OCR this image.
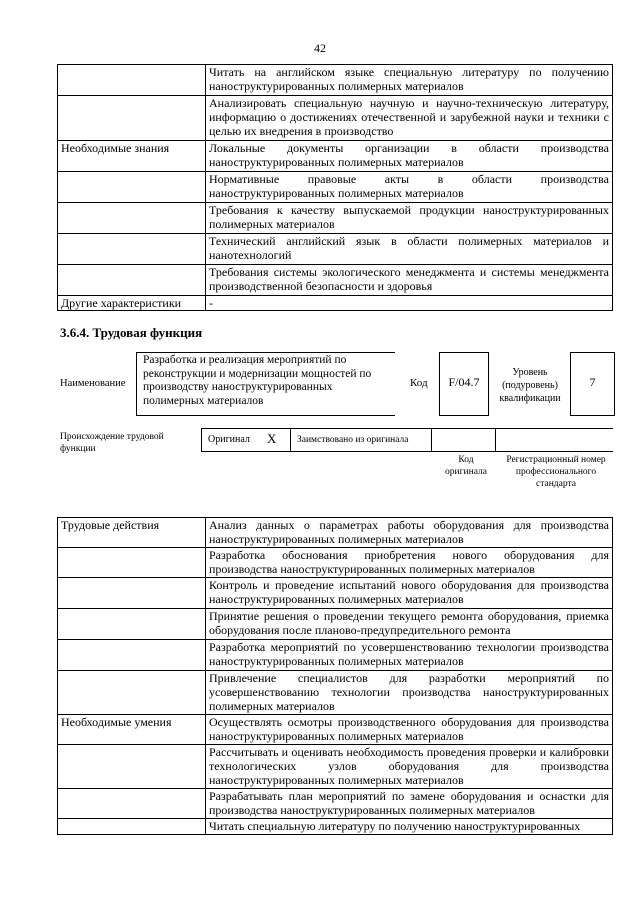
42
	Читать на английском языке специальную литературу по получению наноструктурированных полимерных материалов
	Анализировать специальную научную и научно-техническую литературу, информацию о достижениях отечественной и зарубежной науки и техники с целью их внедрения в производство
Необходимые знания	Локальные документы организации в области производства наноструктурированных полимерных материалов
	Нормативные правовые акты в области производства наноструктурированных полимерных материалов
	Требования к качеству выпускаемой продукции наноструктурированных полимерных материалов
	Технический английский язык в области полимерных материалов и нанотехнологий
	Требования системы экологического менеджмента и системы менеджмента производственной безопасности и здоровья
Другие характеристики	-
3.6.4. Трудовая функция
Наименование
Разработка и реализация мероприятий по реконструкции и модернизации мощностей по производству наноструктурированных полимерных материалов
Код	F/04.7
Уровень (подуровень) квалификации
7
Происхождение трудовой функции
Оригинал X Заимствовано из оригинала
Код оригинала
Регистрационный номер профессионального стандарта
Трудовые действия	Анализ данных о параметрах работы оборудования для производства наноструктурированных полимерных материалов
	Разработка обоснования приобретения нового оборудования для производства наноструктурированных полимерных материалов
	Контроль и проведение испытаний нового оборудования для производства наноструктурированных полимерных материалов
	Принятие решения о проведении текущего ремонта оборудования, приемка оборудования после планово-предупредительного ремонта
	Разработка мероприятий по усовершенствованию технологии производства наноструктурированных полимерных материалов
	Привлечение специалистов для разработки мероприятий по усовершенствованию технологии производства наноструктурированных полимерных материалов
Необходимые умения	Осуществлять осмотры производственного оборудования для производства наноструктурированных полимерных материалов
	Рассчитывать и оценивать необходимость проведения проверки и калибровки технологических узлов оборудования для производства наноструктурированных полимерных материалов
	Разрабатывать план мероприятий по замене оборудования и оснастки для производства наноструктурированных полимерных материалов
	Читать специальную литературу по получению наноструктурированных
